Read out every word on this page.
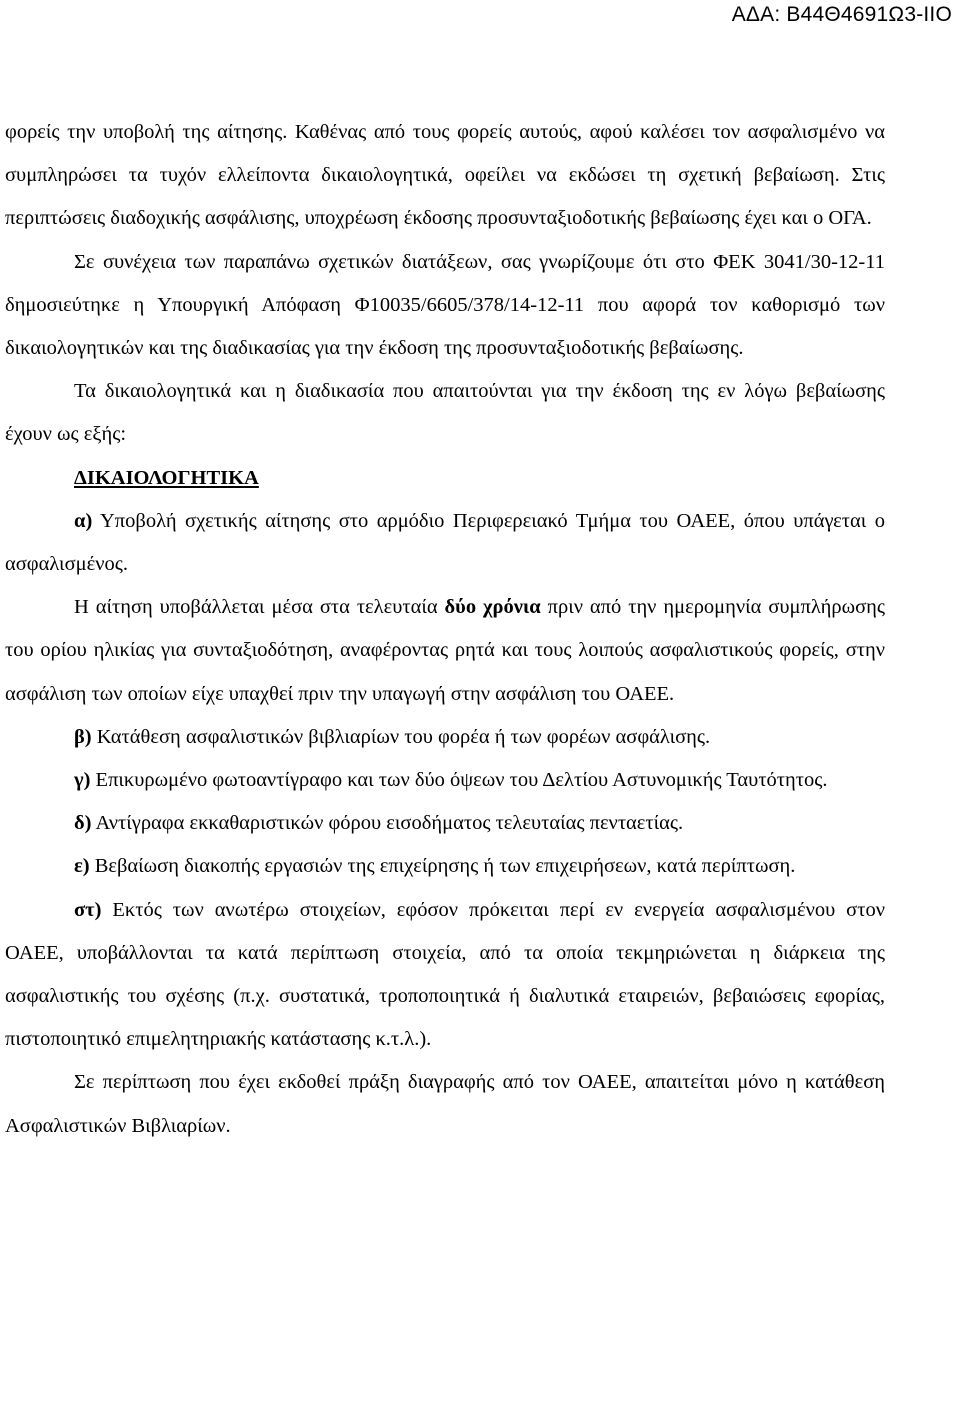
ΑΔΑ: Β44Θ4691Ω3-ΙΙΟ

φορείς την υποβολή της αίτησης. Καθένας από τους φορείς αυτούς, αφού καλέσει τον ασφαλισμένο να συμπληρώσει τα τυχόν ελλείποντα δικαιολογητικά, οφείλει να εκδώσει τη σχετική βεβαίωση. Στις περιπτώσεις διαδοχικής ασφάλισης, υποχρέωση έκδοσης προσυνταξιοδοτικής βεβαίωσης έχει και ο ΟΓΑ.

Σε συνέχεια των παραπάνω σχετικών διατάξεων, σας γνωρίζουμε ότι στο ΦΕΚ 3041/30-12-11 δημοσιεύτηκε η Υπουργική Απόφαση Φ10035/6605/378/14-12-11 που αφορά τον καθορισμό των δικαιολογητικών και της διαδικασίας για την έκδοση της προσυνταξιοδοτικής βεβαίωσης.

Τα δικαιολογητικά και η διαδικασία που απαιτούνται για την έκδοση της εν λόγω βεβαίωσης έχουν ως εξής:

ΔΙΚΑΙΟΛΟΓΗΤΙΚΑ

α) Υποβολή σχετικής αίτησης στο αρμόδιο Περιφερειακό Τμήμα του ΟΑΕΕ, όπου υπάγεται ο ασφαλισμένος.

Η αίτηση υποβάλλεται μέσα στα τελευταία δύο χρόνια πριν από την ημερομηνία συμπλήρωσης του ορίου ηλικίας για συνταξιοδότηση, αναφέροντας ρητά και τους λοιπούς ασφαλιστικούς φορείς, στην ασφάλιση των οποίων είχε υπαχθεί πριν την υπαγωγή στην ασφάλιση του ΟΑΕΕ.

β) Κατάθεση ασφαλιστικών βιβλιαρίων του φορέα ή των φορέων ασφάλισης.

γ) Επικυρωμένο φωτοαντίγραφο και των δύο όψεων του Δελτίου Αστυνομικής Ταυτότητος.

δ) Αντίγραφα εκκαθαριστικών φόρου εισοδήματος τελευταίας πενταετίας.

ε) Βεβαίωση διακοπής εργασιών της επιχείρησης ή των επιχειρήσεων, κατά περίπτωση.

στ) Εκτός των ανωτέρω στοιχείων, εφόσον πρόκειται περί εν ενεργεία ασφαλισμένου στον ΟΑΕΕ, υποβάλλονται τα κατά περίπτωση στοιχεία, από τα οποία τεκμηριώνεται η διάρκεια της ασφαλιστικής του σχέσης (π.χ. συστατικά, τροποποιητικά ή διαλυτικά εταιρειών, βεβαιώσεις εφορίας, πιστοποιητικό επιμελητηριακής κατάστασης κ.τ.λ.).

Σε περίπτωση που έχει εκδοθεί πράξη διαγραφής από τον ΟΑΕΕ, απαιτείται μόνο η κατάθεση Ασφαλιστικών Βιβλιαρίων.
